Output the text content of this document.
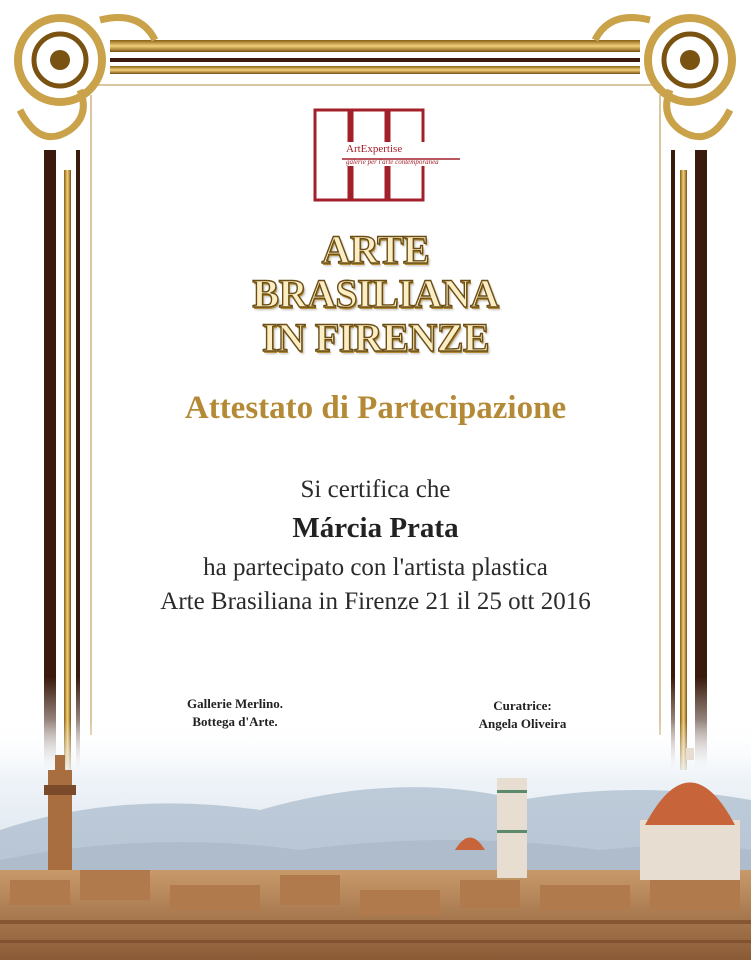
ArtExpertise
galerie per l'arte contemporanea
ARTE
BRASILIANA
IN FIRENZE
Attestato di Partecipazione
Si certifica che
Márcia Prata
ha partecipato con l'artista plastica
Arte Brasiliana in Firenze 21 il 25 ott 2016
Gallerie Merlino.
Bottega d'Arte.
Curatrice:
Angela Oliveira
